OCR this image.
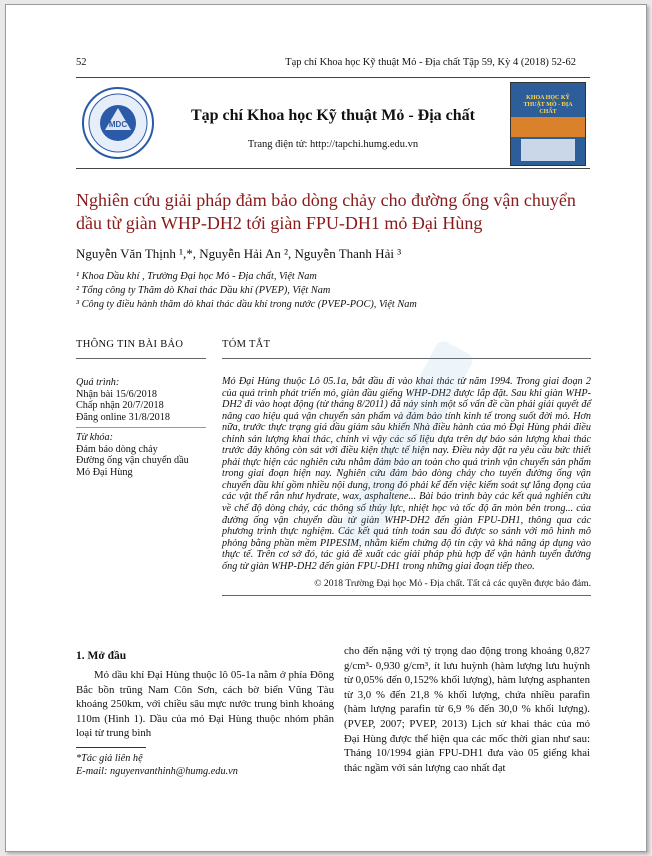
52	Tạp chí Khoa học Kỹ thuật Mỏ - Địa chất Tập 59, Kỳ 4 (2018) 52-62
MDC
Tạp chí Khoa học Kỹ thuật Mỏ - Địa chất
Trang điện tử: http://tapchi.humg.edu.vn
KHOA HỌC KỸ THUẬT MỎ - ĐỊA CHẤT
Nghiên cứu giải pháp đảm bảo dòng chảy cho đường ống vận chuyển dầu từ giàn WHP-DH2 tới giàn FPU-DH1 mỏ Đại Hùng
Nguyễn Văn Thịnh ¹,*, Nguyễn Hải An ², Nguyễn Thanh Hải ³
¹ Khoa Dầu khí , Trường Đại học Mỏ - Địa chất, Việt Nam
² Tổng công ty Thăm dò Khai thác Dầu khí (PVEP), Việt Nam
³ Công ty điều hành thăm dò khai thác dầu khí trong nước (PVEP-POC), Việt Nam
THÔNG TIN BÀI BÁO
Quá trình:
Nhận bài 15/6/2018
Chấp nhận 20/7/2018
Đăng online 31/8/2018
Từ khóa:
Đảm bảo dòng chảy
Đường ống vận chuyển dầu
Mỏ Đại Hùng
TÓM TẮT
Mỏ Đại Hùng thuộc Lô 05.1a, bắt đầu đi vào khai thác từ năm 1994. Trong giai đoạn 2 của quá trình phát triển mỏ, giàn đầu giếng WHP-DH2 được lắp đặt. Sau khi giàn WHP-DH2 đi vào hoạt động (từ tháng 8/2011) đã nảy sinh một số vấn đề cần phải giải quyết để nâng cao hiệu quả vận chuyển sản phẩm và đảm bảo tính kinh tế trong suốt đời mỏ. Hơn nữa, trước thực trạng giá dầu giảm sâu khiến Nhà điều hành của mỏ Đại Hùng phải điều chỉnh sản lượng khai thác, chính vì vậy các số liệu dựa trên dự báo sản lượng khai thác trước đây không còn sát với điều kiện thực tế hiện nay. Điều này đặt ra yêu cầu bức thiết phải thực hiện các nghiên cứu nhằm đảm bảo an toàn cho quá trình vận chuyển sản phẩm trong giai đoạn hiện nay. Nghiên cứu đảm bảo dòng chảy cho tuyến đường ống vận chuyển dầu khí gồm nhiều nội dung, trong đó phải kể đến việc kiểm soát sự lắng đọng của các vật thể rắn như hydrate, wax, asphaltene... Bài báo trình bày các kết quả nghiên cứu về chế độ dòng chảy, các thông số thủy lực, nhiệt học và tốc độ ăn mòn bên trong... của đường ống vận chuyển dầu từ giàn WHP-DH2 đến giàn FPU-DH1, thông qua các phương trình thực nghiệm. Các kết quả tính toán sau đó được so sánh với mô hình mô phỏng bằng phần mềm PIPESIM, nhằm kiểm chứng độ tin cậy và khả năng áp dụng vào thực tế. Trên cơ sở đó, tác giả đề xuất các giải pháp phù hợp để vận hành tuyến đường ống từ giàn WHP-DH2 đến giàn FPU-DH1 trong những giai đoạn tiếp theo.
© 2018 Trường Đại học Mỏ - Địa chất. Tất cả các quyền được bảo đảm.
1. Mở đầu
Mỏ dầu khí Đại Hùng thuộc lô 05-1a nằm ở phía Đông Bắc bồn trũng Nam Côn Sơn, cách bờ biển Vũng Tàu khoảng 250km, với chiều sâu mực nước trung bình khoảng 110m (Hình 1). Dầu của mỏ Đại Hùng thuộc nhóm phân loại từ trung bình
*Tác giả liên hệ
E-mail: nguyenvanthinh@humg.edu.vn
cho đến nặng với tỷ trọng dao động trong khoảng 0,827 g/cm³- 0,930 g/cm³, ít lưu huỳnh (hàm lượng lưu huỳnh từ 0,05% đến 0,152% khối lượng), hàm lượng asphanten từ 3,0 % đến 21,8 % khối lượng, chứa nhiều parafin (hàm lượng parafin từ 6,9 % đến 30,0 % khối lượng). (PVEP, 2007; PVEP, 2013) Lịch sử khai thác của mỏ Đại Hùng được thể hiện qua các mốc thời gian như sau: Tháng 10/1994 giàn FPU-DH1 đưa vào 05 giếng khai thác ngầm với sản lượng cao nhất đạt
